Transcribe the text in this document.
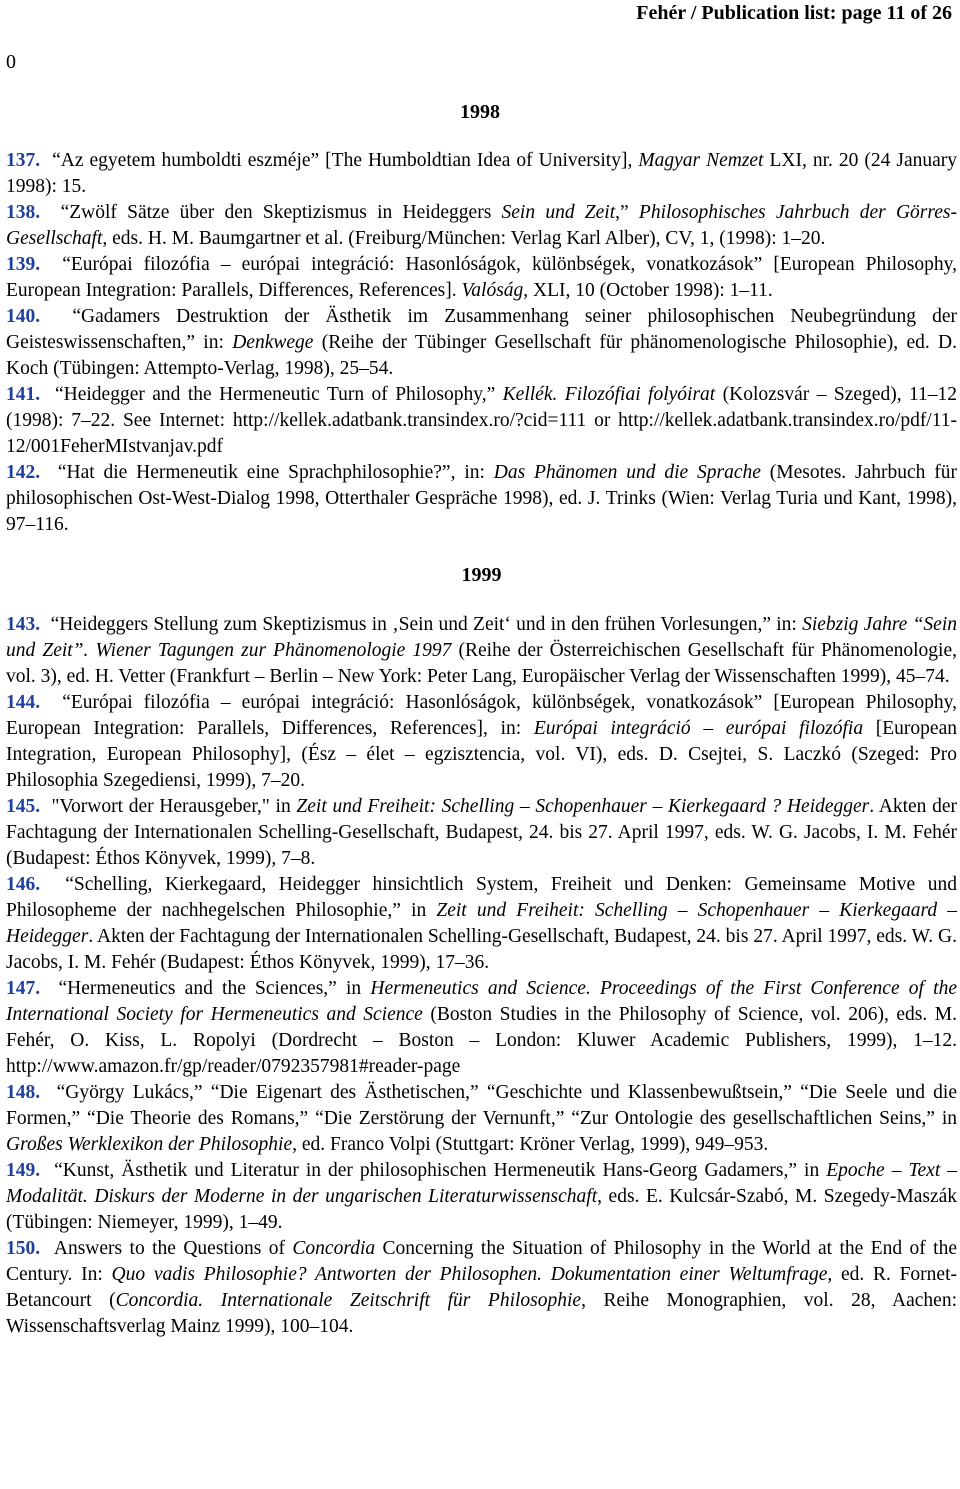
Fehér / Publication list: page 11 of 26
0
1998

137. “Az egyetem humboldti eszméje” [The Humboldtian Idea of University], Magyar Nemzet LXI, nr. 20 (24 January 1998): 15.

138. “Zwölf Sätze über den Skeptizismus in Heideggers Sein und Zeit,” Philosophisches Jahrbuch der Görres-Gesellschaft, eds. H. M. Baumgartner et al. (Freiburg/München: Verlag Karl Alber), CV, 1, (1998): 1–20.

139. “Európai filozófia – európai integráció: Hasonlóságok, különbségek, vonatkozások” [European Philosophy, European Integration: Parallels, Differences, References]. Valóság, XLI, 10 (October 1998): 1–11.

140. “Gadamers Destruktion der Ästhetik im Zusammenhang seiner philosophischen Neubegründung der Geisteswissenschaften,” in: Denkwege (Reihe der Tübinger Gesellschaft für phänomenologische Philosophie), ed. D. Koch (Tübingen: Attempto-Verlag, 1998), 25–54.

141. “Heidegger and the Hermeneutic Turn of Philosophy,” Kellék. Filozófiai folyóirat (Kolozsvár – Szeged), 11–12 (1998): 7–22. See Internet: http://kellek.adatbank.transindex.ro/?cid=111 or http://kellek.adatbank.transindex.ro/pdf/11-12/001FeherMIstvanjav.pdf

142. “Hat die Hermeneutik eine Sprachphilosophie?”, in: Das Phänomen und die Sprache (Mesotes. Jahrbuch für philosophischen Ost-West-Dialog 1998, Otterthaler Gespräche 1998), ed. J. Trinks (Wien: Verlag Turia und Kant, 1998), 97–116.

1999

143. “Heideggers Stellung zum Skeptizismus in ‚Sein und Zeit‘ und in den frühen Vorlesungen,” in: Siebzig Jahre “Sein und Zeit”. Wiener Tagungen zur Phänomenologie 1997 (Reihe der Österreichischen Gesellschaft für Phänomenologie, vol. 3), ed. H. Vetter (Frankfurt – Berlin – New York: Peter Lang, Europäischer Verlag der Wissenschaften 1999), 45–74.

144. “Európai filozófia – európai integráció: Hasonlóságok, különbségek, vonatkozások” [European Philosophy, European Integration: Parallels, Differences, References], in: Európai integráció – európai filozófia [European Integration, European Philosophy], (Ész – élet – egzisztencia, vol. VI), eds. D. Csejtei, S. Laczkó (Szeged: Pro Philosophia Szegediensi, 1999), 7–20.

145. "Vorwort der Herausgeber," in Zeit und Freiheit: Schelling – Schopenhauer – Kierkegaard ? Heidegger. Akten der Fachtagung der Internationalen Schelling-Gesellschaft, Budapest, 24. bis 27. April 1997, eds. W. G. Jacobs, I. M. Fehér (Budapest: Éthos Könyvek, 1999), 7–8.

146. “Schelling, Kierkegaard, Heidegger hinsichtlich System, Freiheit und Denken: Gemeinsame Motive und Philosopheme der nachhegelschen Philosophie,” in Zeit und Freiheit: Schelling – Schopenhauer – Kierkegaard – Heidegger. Akten der Fachtagung der Internationalen Schelling-Gesellschaft, Budapest, 24. bis 27. April 1997, eds. W. G. Jacobs, I. M. Fehér (Budapest: Éthos Könyvek, 1999), 17–36.

147. “Hermeneutics and the Sciences,” in Hermeneutics and Science. Proceedings of the First Conference of the International Society for Hermeneutics and Science (Boston Studies in the Philosophy of Science, vol. 206), eds. M. Fehér, O. Kiss, L. Ropolyi (Dordrecht – Boston – London: Kluwer Academic Publishers, 1999), 1–12. http://www.amazon.fr/gp/reader/0792357981#reader-page

148. “György Lukács,” “Die Eigenart des Ästhetischen,” “Geschichte und Klassenbewußtsein,” “Die Seele und die Formen,” “Die Theorie des Romans,” “Die Zerstörung der Vernunft,” “Zur Ontologie des gesellschaftlichen Seins,” in Großes Werklexikon der Philosophie, ed. Franco Volpi (Stuttgart: Kröner Verlag, 1999), 949–953.

149. “Kunst, Ästhetik und Literatur in der philosophischen Hermeneutik Hans-Georg Gadamers,” in Epoche – Text – Modalität. Diskurs der Moderne in der ungarischen Literaturwissenschaft, eds. E. Kulcsár-Szabó, M. Szegedy-Maszák (Tübingen: Niemeyer, 1999), 1–49.

150. Answers to the Questions of Concordia Concerning the Situation of Philosophy in the World at the End of the Century. In: Quo vadis Philosophie? Antworten der Philosophen. Dokumentation einer Weltumfrage, ed. R. Fornet-Betancourt (Concordia. Internationale Zeitschrift für Philosophie, Reihe Monographien, vol. 28, Aachen: Wissenschaftsverlag Mainz 1999), 100–104.
